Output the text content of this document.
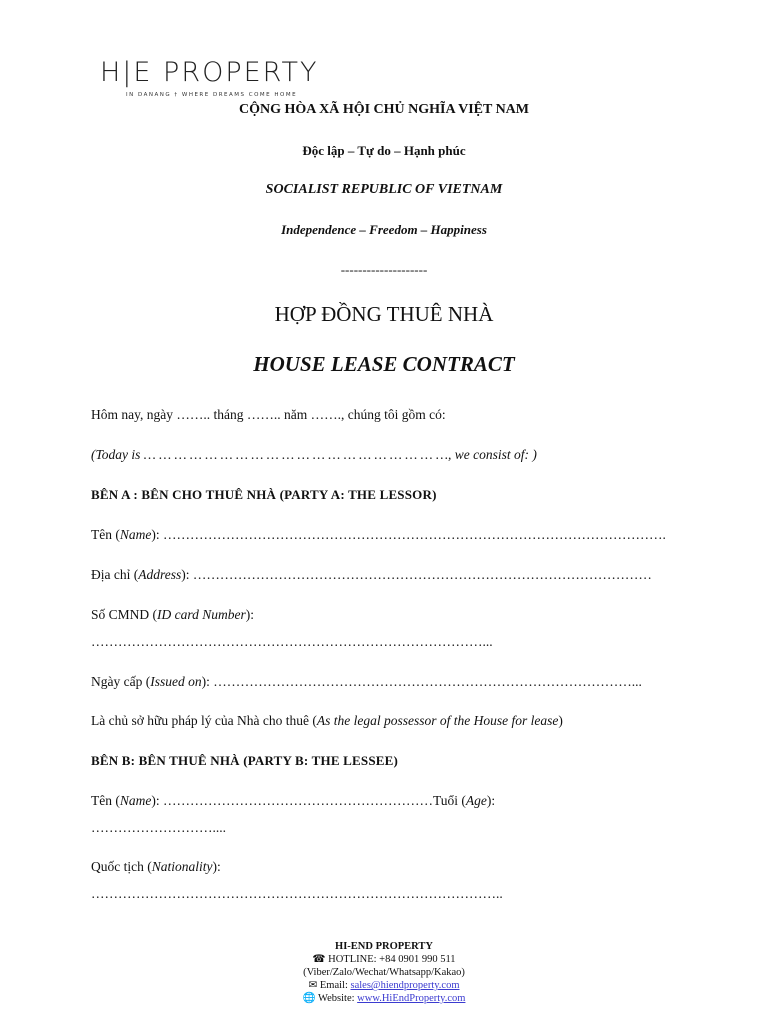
H|E PROPERTY
IN DANANG † WHERE DREAMS COME HOME
CỘNG HÒA XÃ HỘI CHỦ NGHĨA VIỆT NAM
Độc lập – Tự do – Hạnh phúc
SOCIALIST REPUBLIC OF VIETNAM
Independence – Freedom – Happiness
--------------------
HỢP ĐỒNG THUÊ NHÀ
HOUSE LEASE CONTRACT
Hôm nay, ngày …….. tháng …….. năm ……., chúng tôi gồm có:
(Today is … … … … … … … … … … … … … … … … … … … …, we consist of: )
BÊN A : BÊN CHO THUÊ NHÀ (PARTY A: THE LESSOR)
Tên (Name): ………………………………………………………………………………………………….
Địa chỉ (Address): …………………………………………………………………………………………
Số CMND (ID card Number):
……………………………………………………………………………...
Ngày cấp (Issued on): …………………………………………………………………………………...
Là chủ sở hữu pháp lý của Nhà cho thuê (As the legal possessor of the House for lease)
BÊN B: BÊN THUÊ NHÀ (PARTY B: THE LESSEE)
Tên (Name): ……………………………………………………Tuổi (Age):
………………………....
Quốc tịch (Nationality):
………………………………………………………………………………..
HI-END PROPERTY
☎ HOTLINE: +84 0901 990 511
(Viber/Zalo/Wechat/Whatsapp/Kakao)
✉ Email: sales@hiendproperty.com
🌐 Website: www.HiEndProperty.com
